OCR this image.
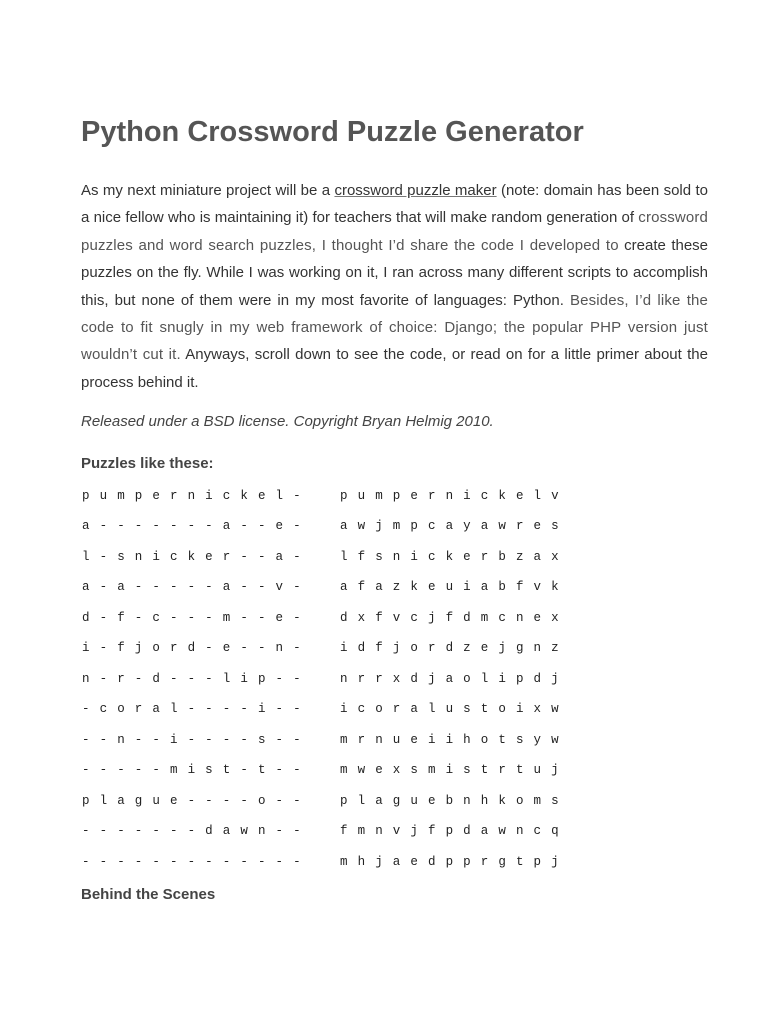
Python Crossword Puzzle Generator

As my next miniature project will be a crossword puzzle maker (note: domain has been sold to a nice fellow who is maintaining it) for teachers that will make random generation of crossword puzzles and word search puzzles, I thought I’d share the code I developed to create these puzzles on the fly. While I was working on it, I ran across many different scripts to accomplish this, but none of them were in my most favorite of languages: Python. Besides, I’d like the code to fit snugly in my web framework of choice: Django; the popular PHP version just wouldn’t cut it. Anyways, scroll down to see the code, or read on for a little primer about the process behind it.

Released under a BSD license. Copyright Bryan Helmig 2010.

Puzzles like these:

p u m p e r n i c k e l -
a - - - - - - - a - - e -
l - s n i c k e r - - a -
a - a - - - - - a - - v -
d - f - c - - - m - - e -
i - f j o r d - e - - n -
n - r - d - - - l i p - -
- c o r a l - - - - i - -
- - n - - i - - - - s - -
- - - - - m i s t - t - -
p l a g u e - - - - o - -
- - - - - - - d a w n - -
- - - - - - - - - - - - -
p u m p e r n i c k e l v
a w j m p c a y a w r e s
l f s n i c k e r b z a x
a f a z k e u i a b f v k
d x f v c j f d m c n e x
i d f j o r d z e j g n z
n r r x d j a o l i p d j
i c o r a l u s t o i x w
m r n u e i i h o t s y w
m w e x s m i s t r t u j
p l a g u e b n h k o m s
f m n v j f p d a w n c q
m h j a e d p p r g t p j

Behind the Scenes
